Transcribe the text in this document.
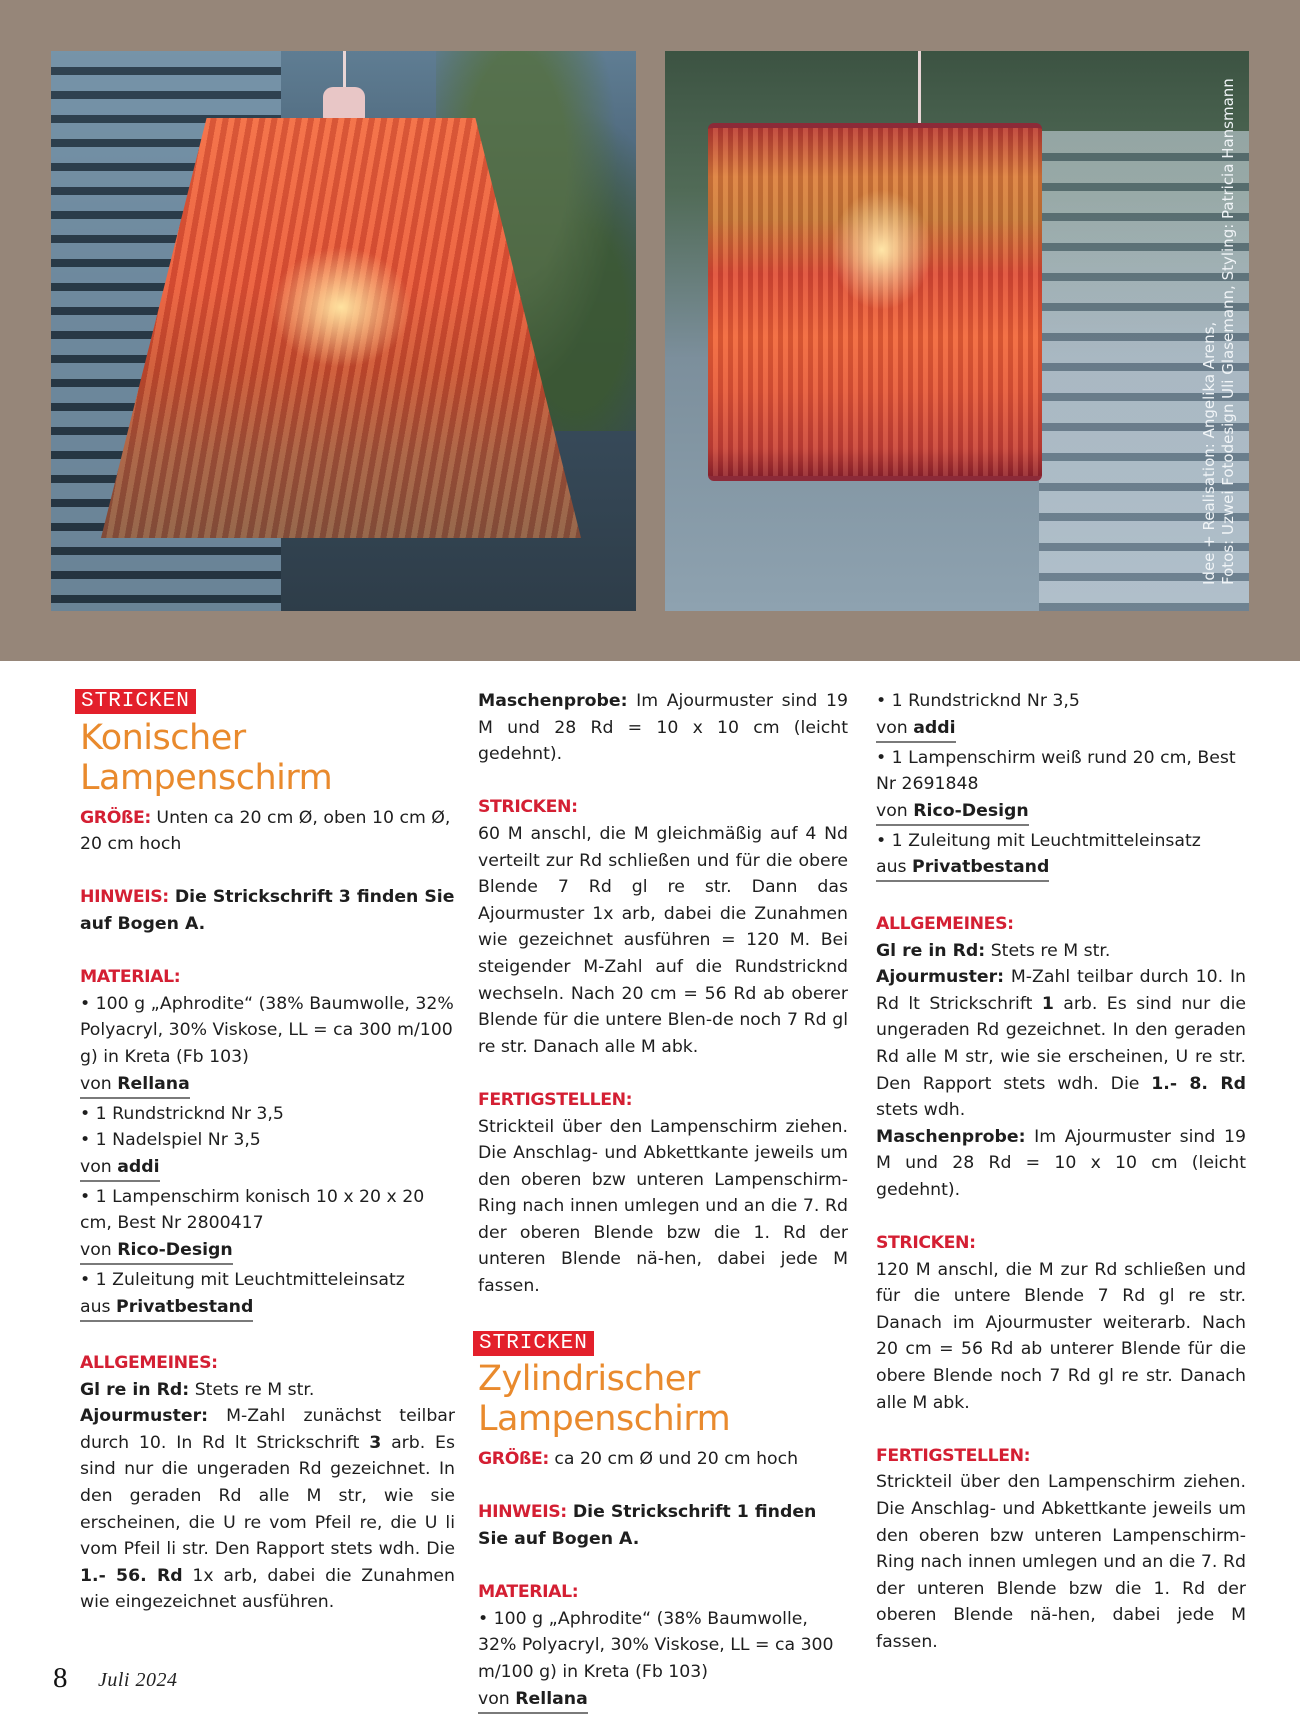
Idee + Realisation: Angelika Arens, Fotos: Uzwei Fotodesign Uli Glasemann, Styling: Patricia Hansmann
STRICKEN
Konischer
Lampenschirm

GRÖßE: Unten ca 20 cm Ø, oben 10 cm Ø, 20 cm hoch

HINWEIS: Die Strickschrift 3 finden Sie auf Bogen A.

MATERIAL:

• 100 g „Aphrodite“ (38% Baumwolle, 32% Polyacryl, 30% Viskose, LL = ca 300 m/100 g) in Kreta (Fb 103)

von Rellana

• 1 Rundstricknd Nr 3,5

• 1 Nadelspiel Nr 3,5

von addi

• 1 Lampenschirm konisch 10 x 20 x 20 cm, Best Nr 2800417

von Rico-Design

• 1 Zuleitung mit Leuchtmitteleinsatz

aus Privatbestand

ALLGEMEINES:

Gl re in Rd: Stets re M str.

Ajourmuster: M-Zahl zunächst teilbar durch 10. In Rd lt Strickschrift 3 arb. Es sind nur die ungeraden Rd gezeichnet. In den geraden Rd alle M str, wie sie erscheinen, die U re vom Pfeil re, die U li vom Pfeil li str. Den Rapport stets wdh. Die 1.- 56. Rd 1x arb, dabei die Zunahmen wie eingezeichnet ausführen.

Maschenprobe: Im Ajourmuster sind 19 M und 28 Rd = 10 x 10 cm (leicht gedehnt).

STRICKEN:

60 M anschl, die M gleichmäßig auf 4 Nd verteilt zur Rd schließen und für die obere Blende 7 Rd gl re str. Dann das Ajourmuster 1x arb, dabei die Zunahmen wie gezeichnet ausführen = 120 M. Bei steigender M-Zahl auf die Rundstricknd wechseln. Nach 20 cm = 56 Rd ab oberer Blende für die untere Blen-de noch 7 Rd gl re str. Danach alle M abk.

FERTIGSTELLEN:

Strickteil über den Lampenschirm ziehen. Die Anschlag- und Abkettkante jeweils um den oberen bzw unteren Lampenschirm-Ring nach innen umlegen und an die 7. Rd der oberen Blende bzw die 1. Rd der unteren Blende nä-hen, dabei jede M fassen.

STRICKEN
Zylindrischer
Lampenschirm

GRÖßE: ca 20 cm Ø und 20 cm hoch

HINWEIS: Die Strickschrift 1 finden Sie auf Bogen A.

MATERIAL:

• 100 g „Aphrodite“ (38% Baumwolle, 32% Polyacryl, 30% Viskose, LL = ca 300 m/100 g) in Kreta (Fb 103)

von Rellana

• 1 Rundstricknd Nr 3,5

von addi

• 1 Lampenschirm weiß rund 20 cm, Best Nr 2691848

von Rico-Design

• 1 Zuleitung mit Leuchtmitteleinsatz

aus Privatbestand

ALLGEMEINES:

Gl re in Rd: Stets re M str.

Ajourmuster: M-Zahl teilbar durch 10. In Rd lt Strickschrift 1 arb. Es sind nur die ungeraden Rd gezeichnet. In den geraden Rd alle M str, wie sie erscheinen, U re str. Den Rapport stets wdh. Die 1.- 8. Rd stets wdh.

Maschenprobe: Im Ajourmuster sind 19 M und 28 Rd = 10 x 10 cm (leicht gedehnt).

STRICKEN:

120 M anschl, die M zur Rd schließen und für die untere Blende 7 Rd gl re str. Danach im Ajourmuster weiterarb. Nach 20 cm = 56 Rd ab unterer Blende für die obere Blende noch 7 Rd gl re str. Danach alle M abk.

FERTIGSTELLEN:

Strickteil über den Lampenschirm ziehen. Die Anschlag- und Abkettkante jeweils um den oberen bzw unteren Lampenschirm-Ring nach innen umlegen und an die 7. Rd der unteren Blende bzw die 1. Rd der oberen Blende nä-hen, dabei jede M fassen.

8 Juli 2024
